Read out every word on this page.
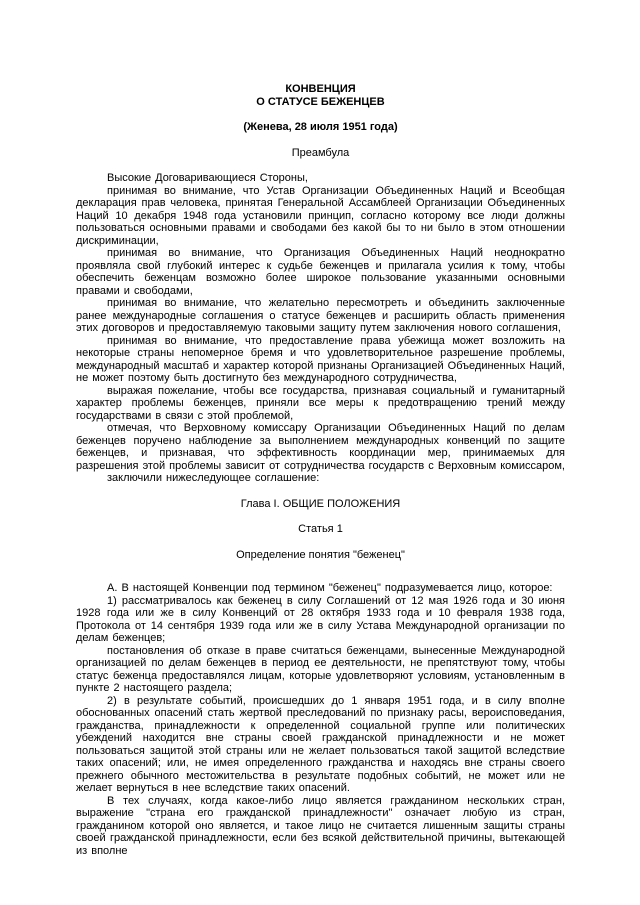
КОНВЕНЦИЯ
О СТАТУСЕ БЕЖЕНЦЕВ
(Женева, 28 июля 1951 года)
Преамбула

Высокие Договаривающиеся Стороны,

принимая во внимание, что Устав Организации Объединенных Наций и Всеобщая декларация прав человека, принятая Генеральной Ассамблеей Организации Объединенных Наций 10 декабря 1948 года установили принцип, согласно которому все люди должны пользоваться основными правами и свободами без какой бы то ни было в этом отношении дискриминации,

принимая во внимание, что Организация Объединенных Наций неоднократно проявляла свой глубокий интерес к судьбе беженцев и прилагала усилия к тому, чтобы обеспечить беженцам возможно более широкое пользование указанными основными правами и свободами,

принимая во внимание, что желательно пересмотреть и объединить заключенные ранее международные соглашения о статусе беженцев и расширить область применения этих договоров и предоставляемую таковыми защиту путем заключения нового соглашения,

принимая во внимание, что предоставление права убежища может возложить на некоторые страны непомерное бремя и что удовлетворительное разрешение проблемы, международный масштаб и характер которой признаны Организацией Объединенных Наций, не может поэтому быть достигнуто без международного сотрудничества,

выражая пожелание, чтобы все государства, признавая социальный и гуманитарный характер проблемы беженцев, приняли все меры к предотвращению трений между государствами в связи с этой проблемой,

отмечая, что Верховному комиссару Организации Объединенных Наций по делам беженцев поручено наблюдение за выполнением международных конвенций по защите беженцев, и признавая, что эффективность координации мер, принимаемых для разрешения этой проблемы зависит от сотрудничества государств с Верховным комиссаром,

заключили нижеследующее соглашение:

Глава I. ОБЩИЕ ПОЛОЖЕНИЯ
Статья 1
Определение понятия "беженец"

А. В настоящей Конвенции под термином "беженец" подразумевается лицо, которое:

1) рассматривалось как беженец в силу Соглашений от 12 мая 1926 года и 30 июня 1928 года или же в силу Конвенций от 28 октября 1933 года и 10 февраля 1938 года, Протокола от 14 сентября 1939 года или же в силу Устава Международной организации по делам беженцев;

постановления об отказе в праве считаться беженцами, вынесенные Международной организацией по делам беженцев в период ее деятельности, не препятствуют тому, чтобы статус беженца предоставлялся лицам, которые удовлетворяют условиям, установленным в пункте 2 настоящего раздела;

2) в результате событий, происшедших до 1 января 1951 года, и в силу вполне обоснованных опасений стать жертвой преследований по признаку расы, вероисповедания, гражданства, принадлежности к определенной социальной группе или политических убеждений находится вне страны своей гражданской принадлежности и не может пользоваться защитой этой страны или не желает пользоваться такой защитой вследствие таких опасений; или, не имея определенного гражданства и находясь вне страны своего прежнего обычного местожительства в результате подобных событий, не может или не желает вернуться в нее вследствие таких опасений.

В тех случаях, когда какое-либо лицо является гражданином нескольких стран, выражение "страна его гражданской принадлежности" означает любую из стран, гражданином которой оно является, и такое лицо не считается лишенным защиты страны своей гражданской принадлежности, если без всякой действительной причины, вытекающей из вполне
